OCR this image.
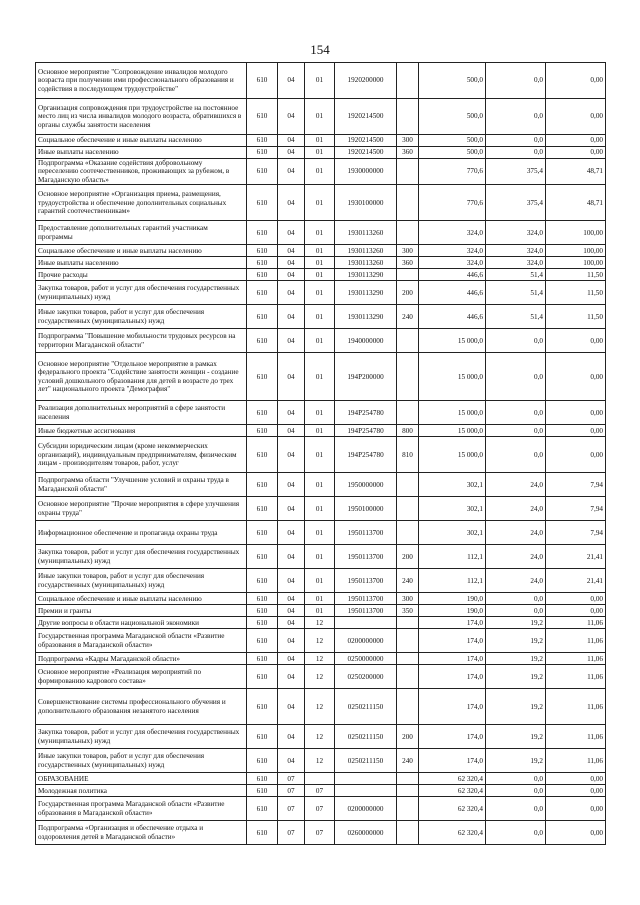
154
Основное мероприятие "Сопровождение инвалидов молодого возраста при получении ими профессионального образования и содействия в последующем трудоустройстве"	610	04	01	1920200000		500,0	0,0	0,00
Организация сопровождения при трудоустройстве на постоянное место лиц из числа инвалидов молодого возраста, обратившихся в органы службы занятости населения	610	04	01	1920214500		500,0	0,0	0,00
Социальное обеспечение и иные выплаты населению	610	04	01	1920214500	300	500,0	0,0	0,00
Иные выплаты населению	610	04	01	1920214500	360	500,0	0,0	0,00
Подпрограмма «Оказание содействия добровольному переселению соотечественников, проживающих за рубежом, в Магаданскую область»	610	04	01	1930000000		770,6	375,4	48,71
Основное мероприятие «Организация приема, размещения, трудоустройства и обеспечение дополнительных социальных гарантий соотечественникам»	610	04	01	1930100000		770,6	375,4	48,71
Предоставление дополнительных гарантий участникам программы	610	04	01	1930113260		324,0	324,0	100,00
Социальное обеспечение и иные выплаты населению	610	04	01	1930113260	300	324,0	324,0	100,00
Иные выплаты населению	610	04	01	1930113260	360	324,0	324,0	100,00
Прочие расходы	610	04	01	1930113290		446,6	51,4	11,50
Закупка товаров, работ и услуг для обеспечения государственных (муниципальных) нужд	610	04	01	1930113290	200	446,6	51,4	11,50
Иные закупки товаров, работ и услуг для обеспечения государственных (муниципальных) нужд	610	04	01	1930113290	240	446,6	51,4	11,50
Подпрограмма "Повышение мобильности трудовых ресурсов на территории Магаданской области"	610	04	01	1940000000		15 000,0	0,0	0,00
Основное мероприятие "Отдельное мероприятие в рамках федерального проекта "Содействие занятости женщин - создание условий дошкольного образования для детей в возрасте до трех лет" национального проекта "Демография"	610	04	01	194P200000		15 000,0	0,0	0,00
Реализация дополнительных мероприятий в сфере занятости населения	610	04	01	194P254780		15 000,0	0,0	0,00
Иные бюджетные ассигнования	610	04	01	194P254780	800	15 000,0	0,0	0,00
Субсидии юридическим лицам (кроме некоммерческих организаций), индивидуальным предпринимателям, физическим лицам - производителям товаров, работ, услуг	610	04	01	194P254780	810	15 000,0	0,0	0,00
Подпрограмма области "Улучшение условий и охраны труда в Магаданской области"	610	04	01	1950000000		302,1	24,0	7,94
Основное мероприятие "Прочие мероприятия в сфере улучшения охраны труда"	610	04	01	1950100000		302,1	24,0	7,94
Информационное обеспечение и пропаганда охраны труда	610	04	01	1950113700		302,1	24,0	7,94
Закупка товаров, работ и услуг для обеспечения государственных (муниципальных) нужд	610	04	01	1950113700	200	112,1	24,0	21,41
Иные закупки товаров, работ и услуг для обеспечения государственных (муниципальных) нужд	610	04	01	1950113700	240	112,1	24,0	21,41
Социальное обеспечение и иные выплаты населению	610	04	01	1950113700	300	190,0	0,0	0,00
Премии и гранты	610	04	01	1950113700	350	190,0	0,0	0,00
Другие вопросы в области национальной экономики	610	04	12			174,0	19,2	11,06
Государственная программа Магаданской области «Развитие образования в Магаданской области»	610	04	12	0200000000		174,0	19,2	11,06
Подпрограмма «Кадры Магаданской области»	610	04	12	0250000000		174,0	19,2	11,06
Основное мероприятие «Реализация мероприятий по формированию кадрового состава»	610	04	12	0250200000		174,0	19,2	11,06
Совершенствование системы профессионального обучения и дополнительного образования незанятого населения	610	04	12	0250211150		174,0	19,2	11,06
Закупка товаров, работ и услуг для обеспечения государственных (муниципальных) нужд	610	04	12	0250211150	200	174,0	19,2	11,06
Иные закупки товаров, работ и услуг для обеспечения государственных (муниципальных) нужд	610	04	12	0250211150	240	174,0	19,2	11,06
ОБРАЗОВАНИЕ	610	07				62 320,4	0,0	0,00
Молодежная политика	610	07	07			62 320,4	0,0	0,00
Государственная программа Магаданской области «Развитие образования в Магаданской области»	610	07	07	0200000000		62 320,4	0,0	0,00
Подпрограмма «Организация и обеспечение отдыха и оздоровления детей в Магаданской области»	610	07	07	0260000000		62 320,4	0,0	0,00
